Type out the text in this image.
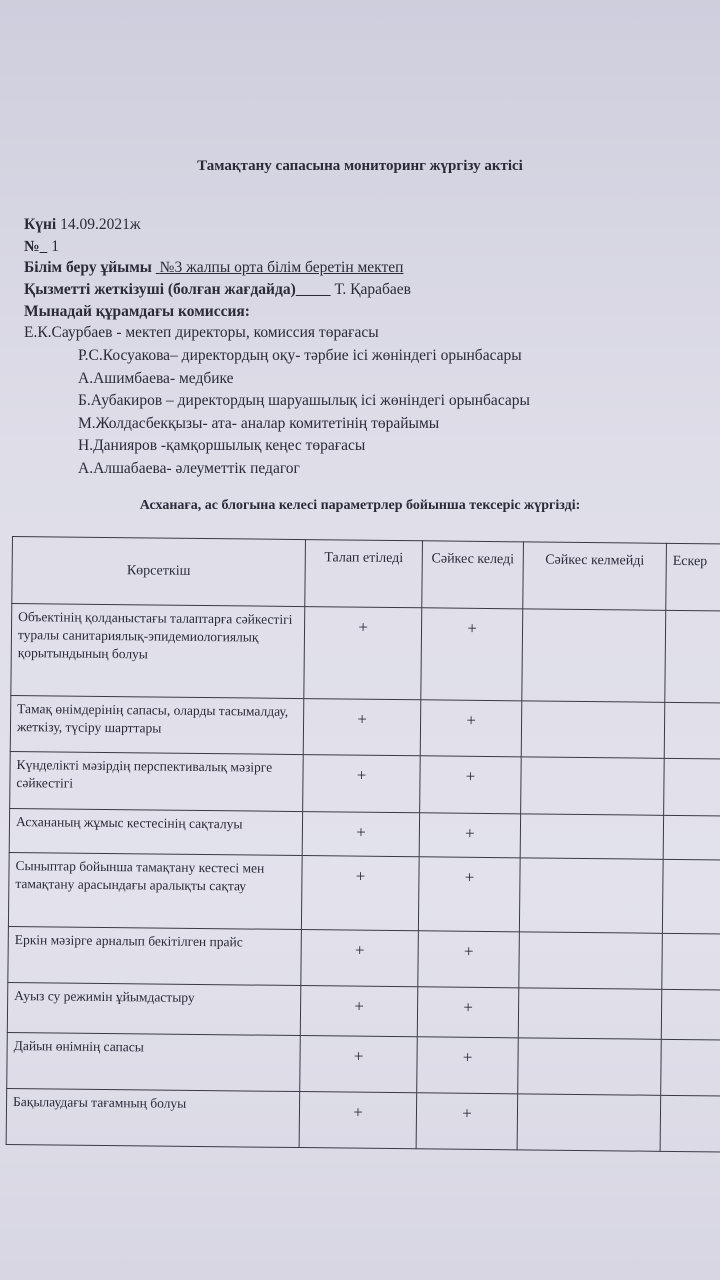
Тамақтану сапасына мониторинг жүргізу актісі
Күні 14.09.2021ж
№ 1
Білім беру ұйымы №3 жалпы орта білім беретін мектеп
Қызметті жеткізуші (болған жағдайда)	Т. Қарабаев
Мынадай құрамдағы комиссия:
Е.К.Саурбаев - мектеп директоры, комиссия төрағасы
Р.С.Косуакова– директордың оқу- тәрбие ісі жөніндегі орынбасары
А.Ашимбаева- медбике
Б.Аубакиров – директордың шаруашылық ісі жөніндегі орынбасары
М.Жолдасбекқызы- ата- аналар комитетінің төрайымы
Н.Данияров -қамқоршылық кеңес төрағасы
А.Алшабаева- әлеуметтік педагог
Асханаға, ас блогына келесі параметрлер бойынша тексеріс жүргізді:
Көрсеткіш	Талап етіледі	Сәйкес келеді	Сәйкес келмейді	Ескер
Объектінің қолданыстағы талаптарға сәйкестігі туралы санитариялық-эпидемиологиялық қорытындының болуы	+	+		
Тамақ өнімдерінің сапасы, оларды тасымалдау, жеткізу, түсіру шарттары	+	+		
Күнделікті мәзірдің перспективалық мәзірге сәйкестігі	+	+		
Асхананың жұмыс кестесінің сақталуы	+	+		
Сыныптар бойынша тамақтану кестесі мен тамақтану арасындағы аралықты сақтау	+	+		
Еркін мәзірге арналып бекітілген прайс	+	+		
Ауыз су режимін ұйымдастыру	+	+		
Дайын өнімнің сапасы	+	+		
Бақылаудағы тағамның болуы	+	+		
